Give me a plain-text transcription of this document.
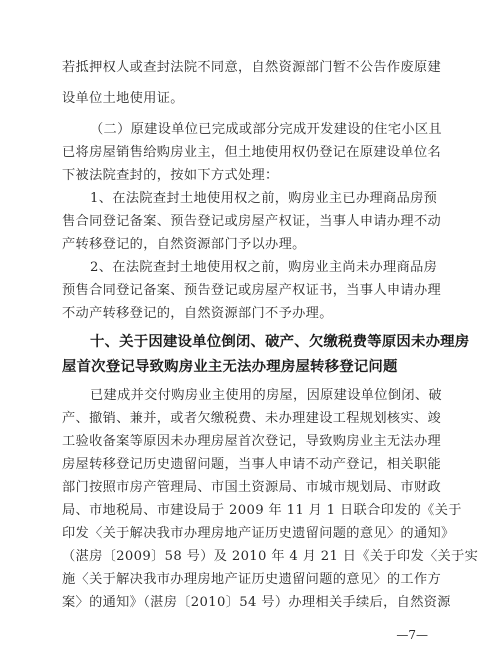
若抵押权人或查封法院不同意，自然资源部门暂不公告作废原建
设单位土地使用证。
（二）原建设单位已完成或部分完成开发建设的住宅小区且
已将房屋销售给购房业主，但土地使用权仍登记在原建设单位名
下被法院查封的，按如下方式处理：
1、在法院查封土地使用权之前，购房业主已办理商品房预
售合同登记备案、预告登记或房屋产权证，当事人申请办理不动
产转移登记的，自然资源部门予以办理。
2、在法院查封土地使用权之前，购房业主尚未办理商品房
预售合同登记备案、预告登记或房屋产权证书，当事人申请办理
不动产转移登记的，自然资源部门不予办理。
十、关于因建设单位倒闭、破产、欠缴税费等原因未办理房
屋首次登记导致购房业主无法办理房屋转移登记问题
已建成并交付购房业主使用的房屋，因原建设单位倒闭、破
产、撤销、兼并，或者欠缴税费、未办理建设工程规划核实、竣
工验收备案等原因未办理房屋首次登记，导致购房业主无法办理
房屋转移登记历史遗留问题，当事人申请不动产登记，相关职能
部门按照市房产管理局、市国土资源局、市城市规划局、市财政
局、市地税局、市建设局于 2009 年 11 月 1 日联合印发的《关于
印发〈关于解决我市办理房地产证历史遗留问题的意见〉的通知》
（湛房〔2009〕58 号）及 2010 年 4 月 21 日《关于印发〈关于实
施〈关于解决我市办理房地产证历史遗留问题的意见〉的工作方
案〉的通知》（湛房〔2010〕54 号）办理相关手续后，自然资源
—7—
